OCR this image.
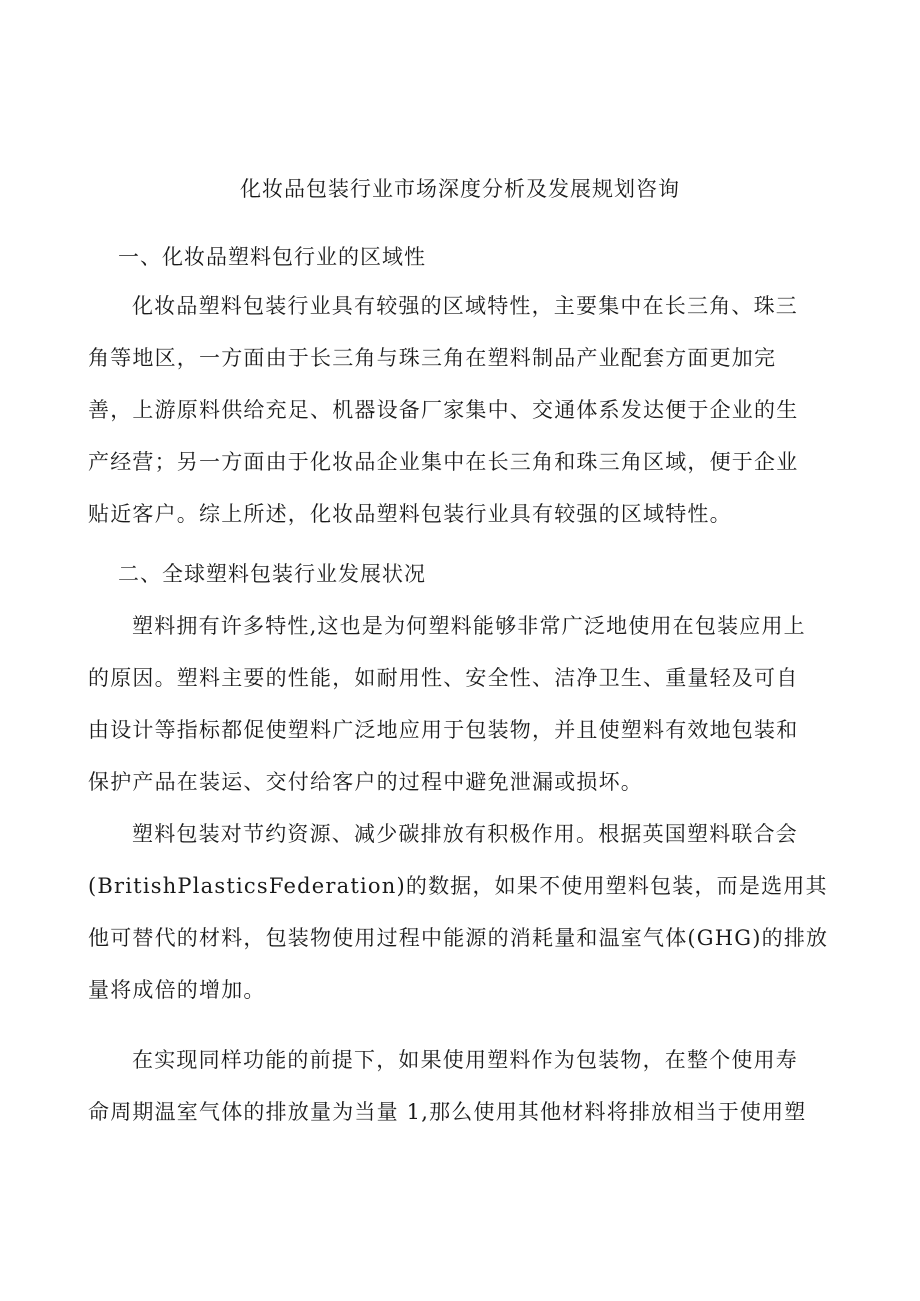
化妆品包装行业市场深度分析及发展规划咨询
一、化妆品塑料包行业的区域性

化妆品塑料包装行业具有较强的区域特性，主要集中在长三角、珠三
角等地区，一方面由于长三角与珠三角在塑料制品产业配套方面更加完
善，上游原料供给充足、机器设备厂家集中、交通体系发达便于企业的生
产经营；另一方面由于化妆品企业集中在长三角和珠三角区域，便于企业
贴近客户。综上所述，化妆品塑料包装行业具有较强的区域特性。

二、全球塑料包装行业发展状况

塑料拥有许多特性,这也是为何塑料能够非常广泛地使用在包装应用上
的原因。塑料主要的性能，如耐用性、安全性、洁净卫生、重量轻及可自
由设计等指标都促使塑料广泛地应用于包装物，并且使塑料有效地包装和
保护产品在装运、交付给客户的过程中避免泄漏或损坏。

塑料包装对节约资源、减少碳排放有积极作用。根据英国塑料联合会
(BritishPlasticsFederation)的数据，如果不使用塑料包装，而是选用其
他可替代的材料，包装物使用过程中能源的消耗量和温室气体(GHG)的排放
量将成倍的增加。

在实现同样功能的前提下，如果使用塑料作为包装物，在整个使用寿
命周期温室气体的排放量为当量 1,那么使用其他材料将排放相当于使用塑
